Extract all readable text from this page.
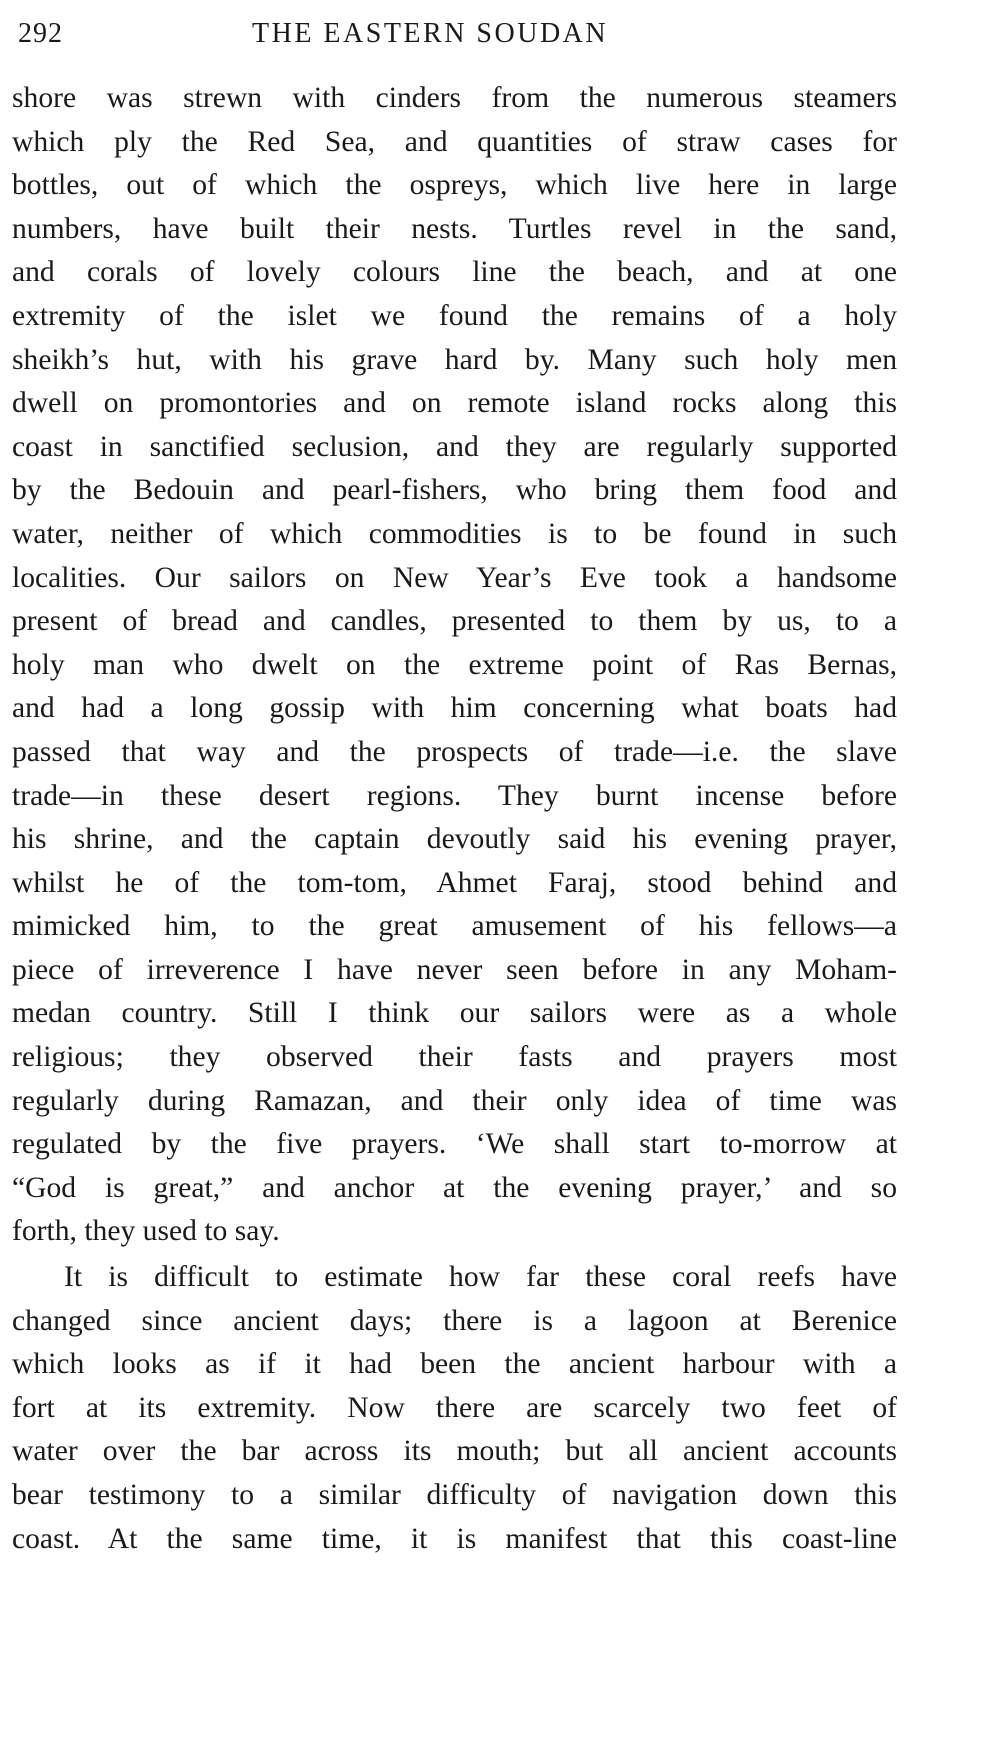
292	THE EASTERN SOUDAN
shore was strewn with cinders from the numerous steamers
which ply the Red Sea, and quantities of straw cases for
bottles, out of which the ospreys, which live here in large
numbers, have built their nests. Turtles revel in the sand,
and corals of lovely colours line the beach, and at one
extremity of the islet we found the remains of a holy
sheikh’s hut, with his grave hard by. Many such holy men
dwell on promontories and on remote island rocks along this
coast in sanctified seclusion, and they are regularly supported
by the Bedouin and pearl-fishers, who bring them food and
water, neither of which commodities is to be found in such
localities. Our sailors on New Year’s Eve took a handsome
present of bread and candles, presented to them by us, to a
holy man who dwelt on the extreme point of Ras Bernas,
and had a long gossip with him concerning what boats had
passed that way and the prospects of trade—i.e. the slave
trade—in these desert regions. They burnt incense before
his shrine, and the captain devoutly said his evening prayer,
whilst he of the tom-tom, Ahmet Faraj, stood behind and
mimicked him, to the great amusement of his fellows—a
piece of irreverence I have never seen before in any Moham-
medan country. Still I think our sailors were as a whole
religious; they observed their fasts and prayers most
regularly during Ramazan, and their only idea of time was
regulated by the five prayers. ‘We shall start to-morrow at
“God is great,” and anchor at the evening prayer,’ and so
forth, they used to say.
It is difficult to estimate how far these coral reefs have
changed since ancient days; there is a lagoon at Berenice
which looks as if it had been the ancient harbour with a
fort at its extremity. Now there are scarcely two feet of
water over the bar across its mouth; but all ancient accounts
bear testimony to a similar difficulty of navigation down this
coast. At the same time, it is manifest that this coast-line
